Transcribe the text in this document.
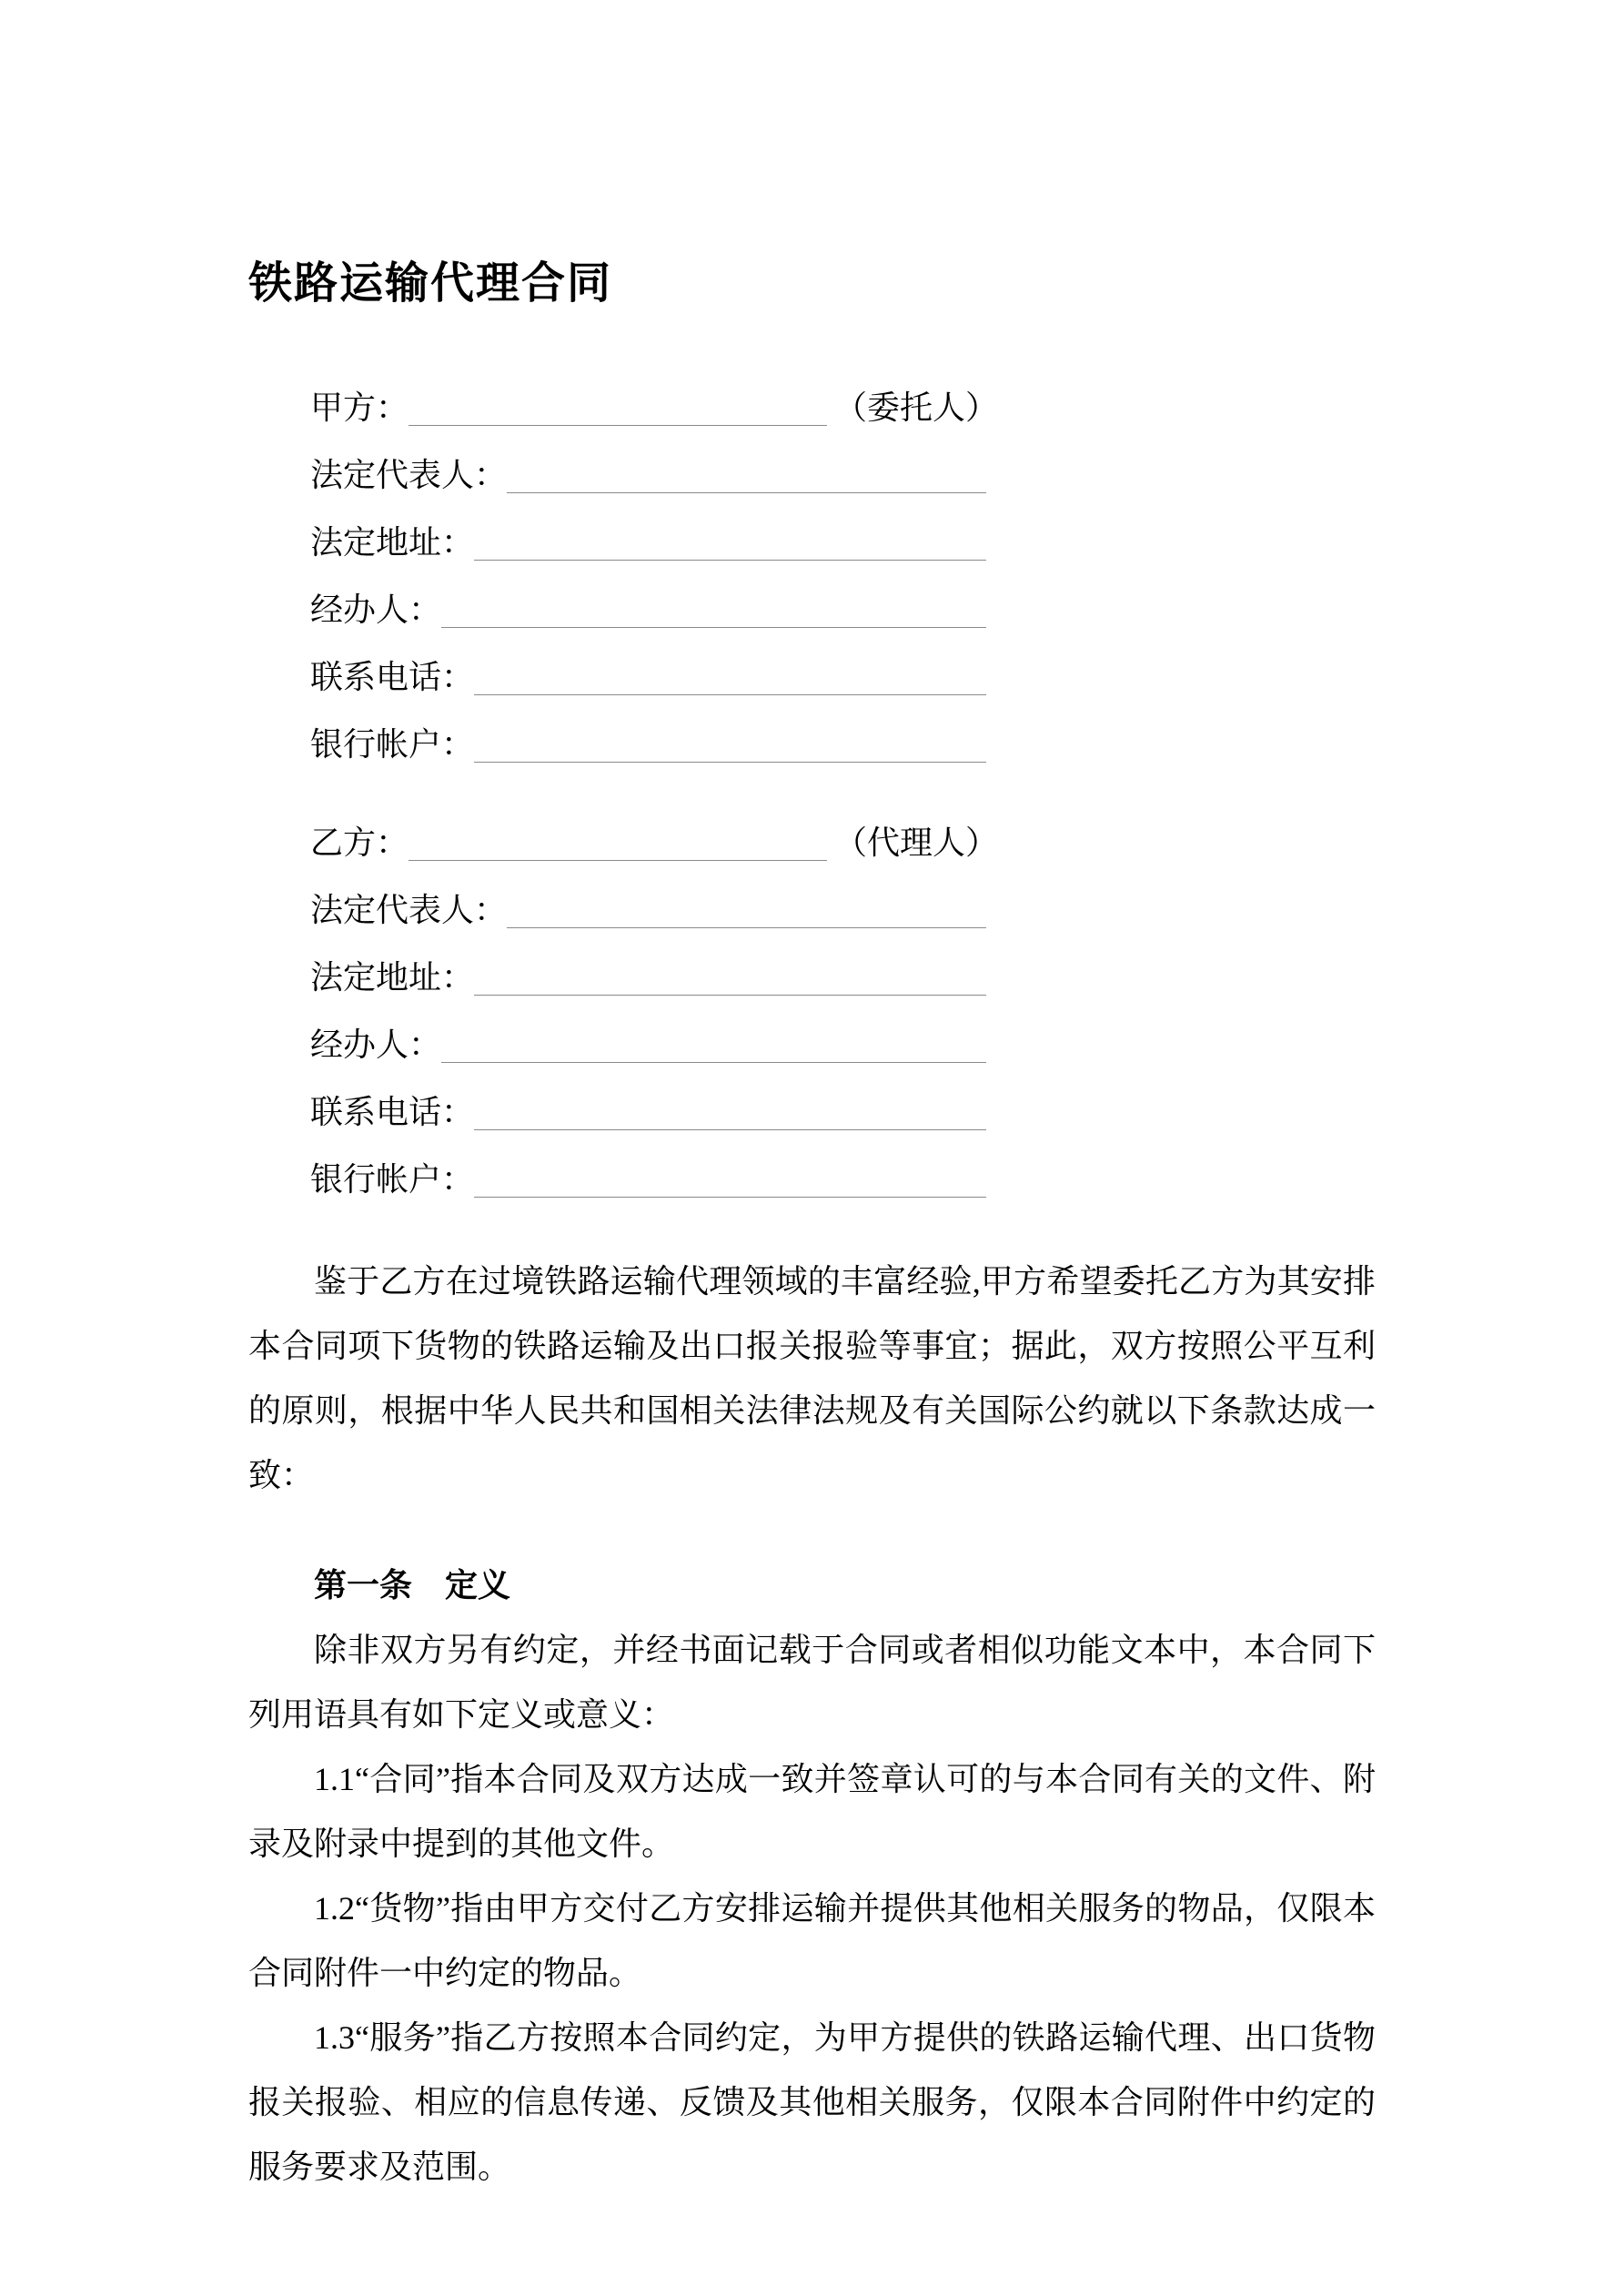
铁路运输代理合同
甲方：	（委托人）
法定代表人：
法定地址：
经办人：
联系电话：
银行帐户：
乙方：	（代理人）
法定代表人：
法定地址：
经办人：
联系电话：
银行帐户：

鉴于乙方在过境铁路运输代理领域的丰富经验,甲方希望委托乙方为其安排本合同项下货物的铁路运输及出口报关报验等事宜；据此，双方按照公平互利的原则，根据中华人民共和国相关法律法规及有关国际公约就以下条款达成一致：

第一条 定义

除非双方另有约定，并经书面记载于合同或者相似功能文本中，本合同下列用语具有如下定义或意义：

1.1“合同”指本合同及双方达成一致并签章认可的与本合同有关的文件、附录及附录中提到的其他文件。

1.2“货物”指由甲方交付乙方安排运输并提供其他相关服务的物品，仅限本合同附件一中约定的物品。

1.3“服务”指乙方按照本合同约定，为甲方提供的铁路运输代理、出口货物报关报验、相应的信息传递、反馈及其他相关服务，仅限本合同附件中约定的服务要求及范围。
